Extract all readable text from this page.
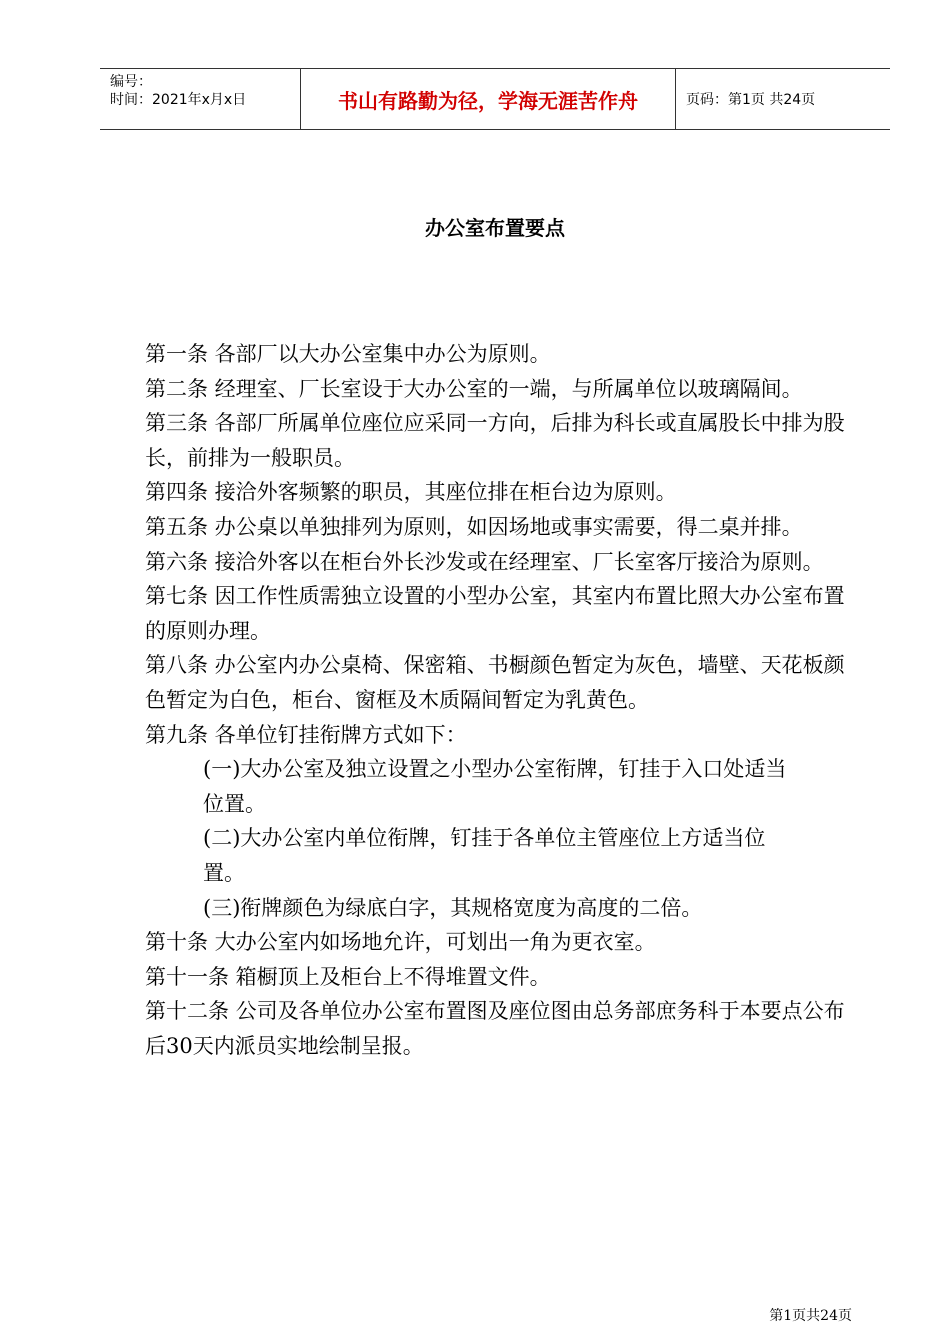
编号：
时间：2021年x月x日	书山有路勤为径，学海无涯苦作舟	页码：第1页 共24页
办公室布置要点

第一条 各部厂以大办公室集中办公为原则。

第二条 经理室、厂长室设于大办公室的一端，与所属单位以玻璃隔间。

第三条 各部厂所属单位座位应采同一方向，后排为科长或直属股长中排为股长，前排为一般职员。

第四条 接洽外客频繁的职员，其座位排在柜台边为原则。

第五条 办公桌以单独排列为原则，如因场地或事实需要，得二桌并排。

第六条 接洽外客以在柜台外长沙发或在经理室、厂长室客厅接洽为原则。

第七条 因工作性质需独立设置的小型办公室，其室内布置比照大办公室布置的原则办理。

第八条 办公室内办公桌椅、保密箱、书橱颜色暂定为灰色，墙壁、天花板颜色暂定为白色，柜台、窗框及木质隔间暂定为乳黄色。

第九条 各单位钉挂衔牌方式如下：

(一)大办公室及独立设置之小型办公室衔牌，钉挂于入口处适当位置。

(二)大办公室内单位衔牌，钉挂于各单位主管座位上方适当位置。

(三)衔牌颜色为绿底白字，其规格宽度为高度的二倍。

第十条 大办公室内如场地允许，可划出一角为更衣室。

第十一条 箱橱顶上及柜台上不得堆置文件。

第十二条 公司及各单位办公室布置图及座位图由总务部庶务科于本要点公布后30天内派员实地绘制呈报。

第1页共24页
